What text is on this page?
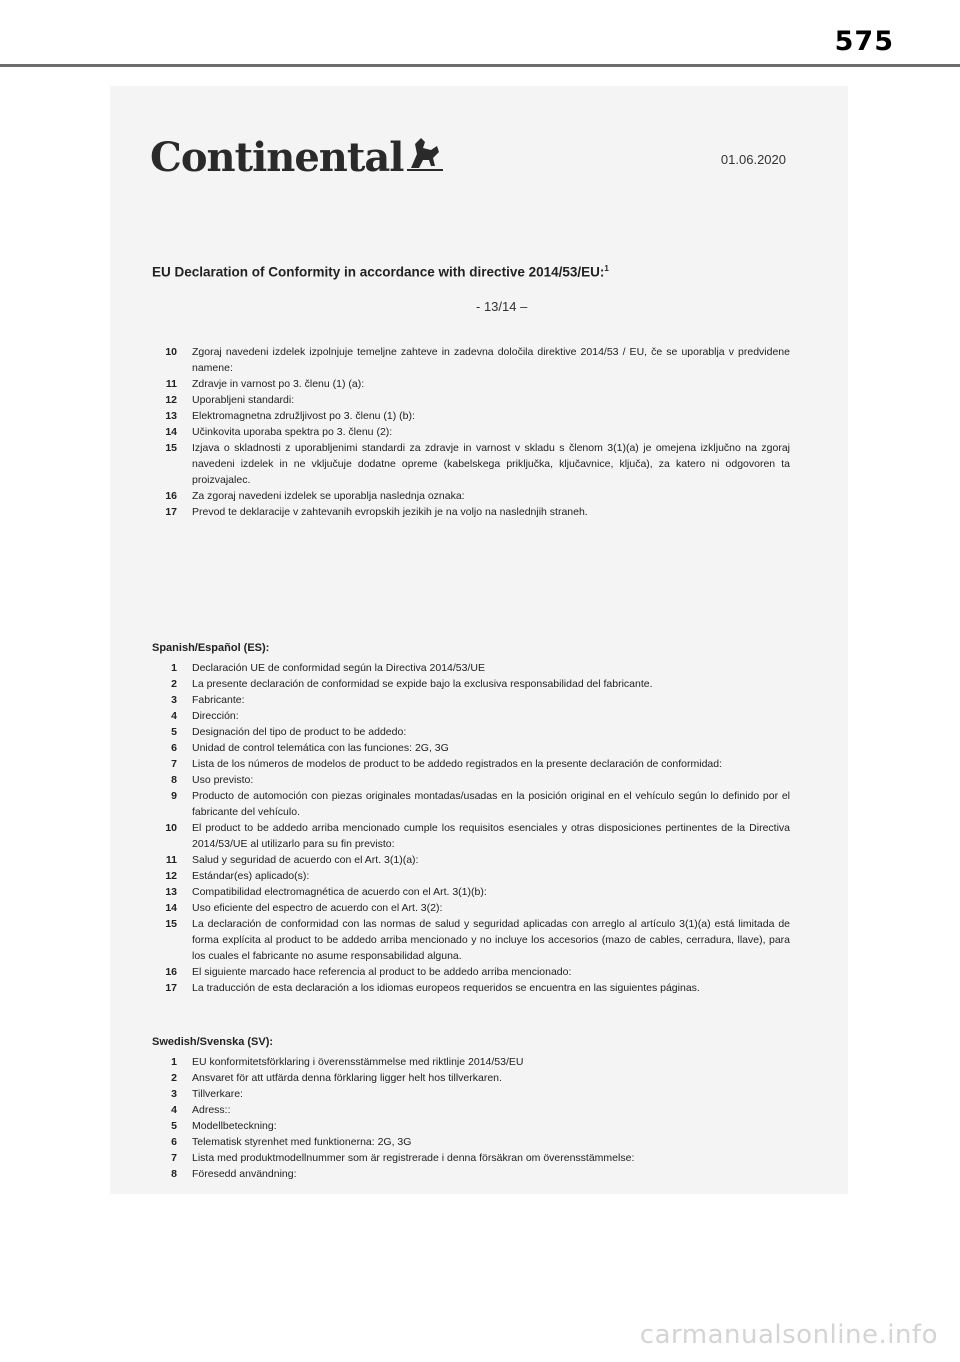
575
Continental	01.06.2020
EU Declaration of Conformity in accordance with directive 2014/53/EU:$^1$
- 13/14 –
10	Zgoraj navedeni izdelek izpolnjuje temeljne zahteve in zadevna določila direktive 2014/53 / EU, če se uporablja v predvidene namene:
11	Zdravje in varnost po 3. členu (1) (a):
12	Uporabljeni standardi:
13	Elektromagnetna združljivost po 3. členu (1) (b):
14	Učinkovita uporaba spektra po 3. členu (2):
15	Izjava o skladnosti z uporabljenimi standardi za zdravje in varnost v skladu s členom 3(1)(a) je omejena izključno na zgoraj navedeni izdelek in ne vključuje dodatne opreme (kabelskega priključka, ključavnice, ključa), za katero ni odgovoren ta proizvajalec.
16	Za zgoraj navedeni izdelek se uporablja naslednja oznaka:
17	Prevod te deklaracije v zahtevanih evropskih jezikih je na voljo na naslednjih straneh.
Spanish/Español (ES):
1	Declaración UE de conformidad según la Directiva 2014/53/UE
2	La presente declaración de conformidad se expide bajo la exclusiva responsabilidad del fabricante.
3	Fabricante:
4	Dirección:
5	Designación del tipo de product to be addedo:
6	Unidad de control telemática con las funciones: 2G, 3G
7	Lista de los números de modelos de product to be addedo registrados en la presente declaración de conformidad:
8	Uso previsto:
9	Producto de automoción con piezas originales montadas/usadas en la posición original en el vehículo según lo definido por el fabricante del vehículo.
10	El product to be addedo arriba mencionado cumple los requisitos esenciales y otras disposiciones pertinentes de la Directiva 2014/53/UE al utilizarlo para su fin previsto:
11	Salud y seguridad de acuerdo con el Art. 3(1)(a):
12	Estándar(es) aplicado(s):
13	Compatibilidad electromagnética de acuerdo con el Art. 3(1)(b):
14	Uso eficiente del espectro de acuerdo con el Art. 3(2):
15	La declaración de conformidad con las normas de salud y seguridad aplicadas con arreglo al artículo 3(1)(a) está limitada de forma explícita al product to be addedo arriba mencionado y no incluye los accesorios (mazo de cables, cerradura, llave), para los cuales el fabricante no asume responsabilidad alguna.
16	El siguiente marcado hace referencia al product to be addedo arriba mencionado:
17	La traducción de esta declaración a los idiomas europeos requeridos se encuentra en las siguientes páginas.
Swedish/Svenska (SV):
1	EU konformitetsförklaring i överensstämmelse med riktlinje 2014/53/EU
2	Ansvaret för att utfärda denna förklaring ligger helt hos tillverkaren.
3	Tillverkare:
4	Adress::
5	Modellbeteckning:
6	Telematisk styrenhet med funktionerna: 2G, 3G
7	Lista med produktmodellnummer som är registrerade i denna försäkran om överensstämmelse:
8	Föresedd användning:
carmanualsonline.info
